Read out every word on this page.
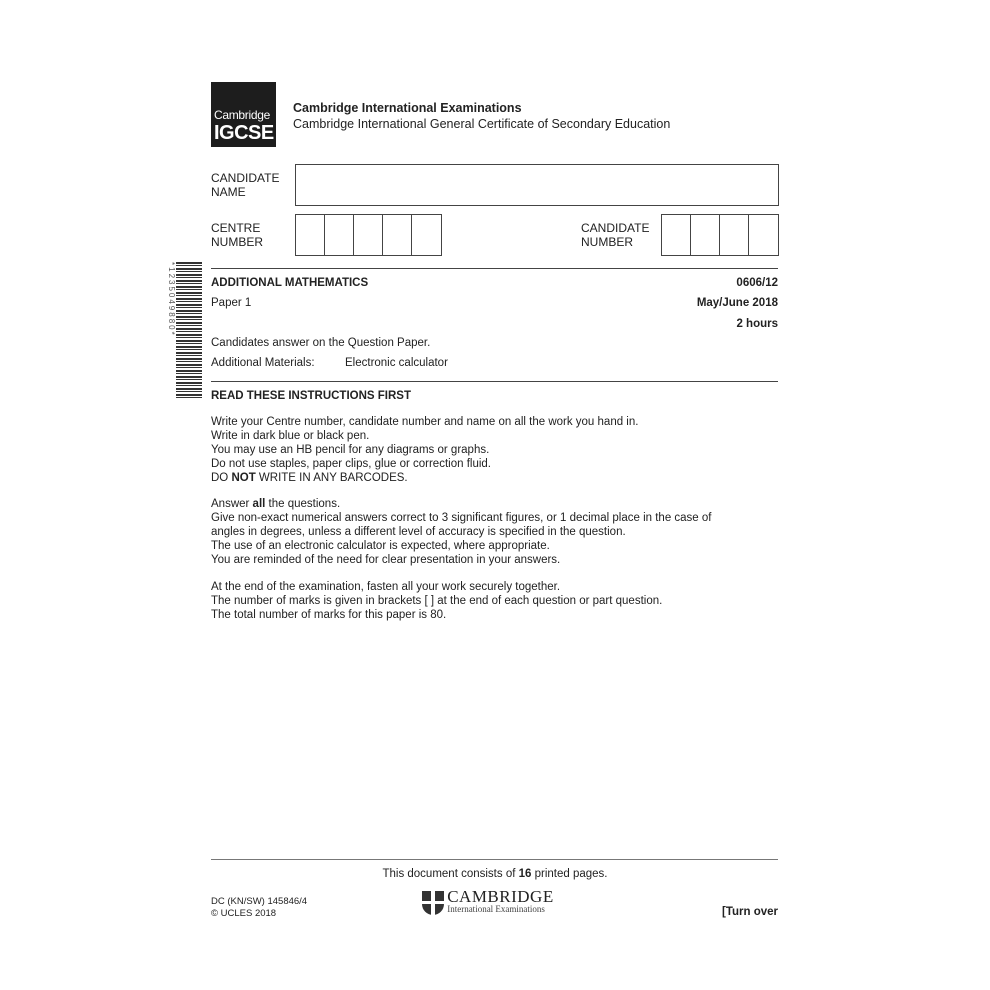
Cambridge
IGCSE
Cambridge International Examinations
Cambridge International General Certificate of Secondary Education
CANDIDATE
NAME
CENTRE
NUMBER
CANDIDATE
NUMBER
*1235049880*	ADDITIONAL MATHEMATICS	0606/12
Paper 1	May/June 2018
2 hours
Candidates answer on the Question Paper.
Additional Materials:	Electronic calculator
READ THESE INSTRUCTIONS FIRST

Write your Centre number, candidate number and name on all the work you hand in.

Write in dark blue or black pen.

You may use an HB pencil for any diagrams or graphs.

Do not use staples, paper clips, glue or correction fluid.

DO NOT WRITE IN ANY BARCODES.

Answer all the questions.

Give non-exact numerical answers correct to 3 significant figures, or 1 decimal place in the case of

angles in degrees, unless a different level of accuracy is specified in the question.

The use of an electronic calculator is expected, where appropriate.

You are reminded of the need for clear presentation in your answers.

At the end of the examination, fasten all your work securely together.

The number of marks is given in brackets [ ] at the end of each question or part question.

The total number of marks for this paper is 80.

This document consists of 16 printed pages.
DC (KN/SW) 145846/4
© UCLES 2018

CAMBRIDGE
International Examinations	[Turn over
